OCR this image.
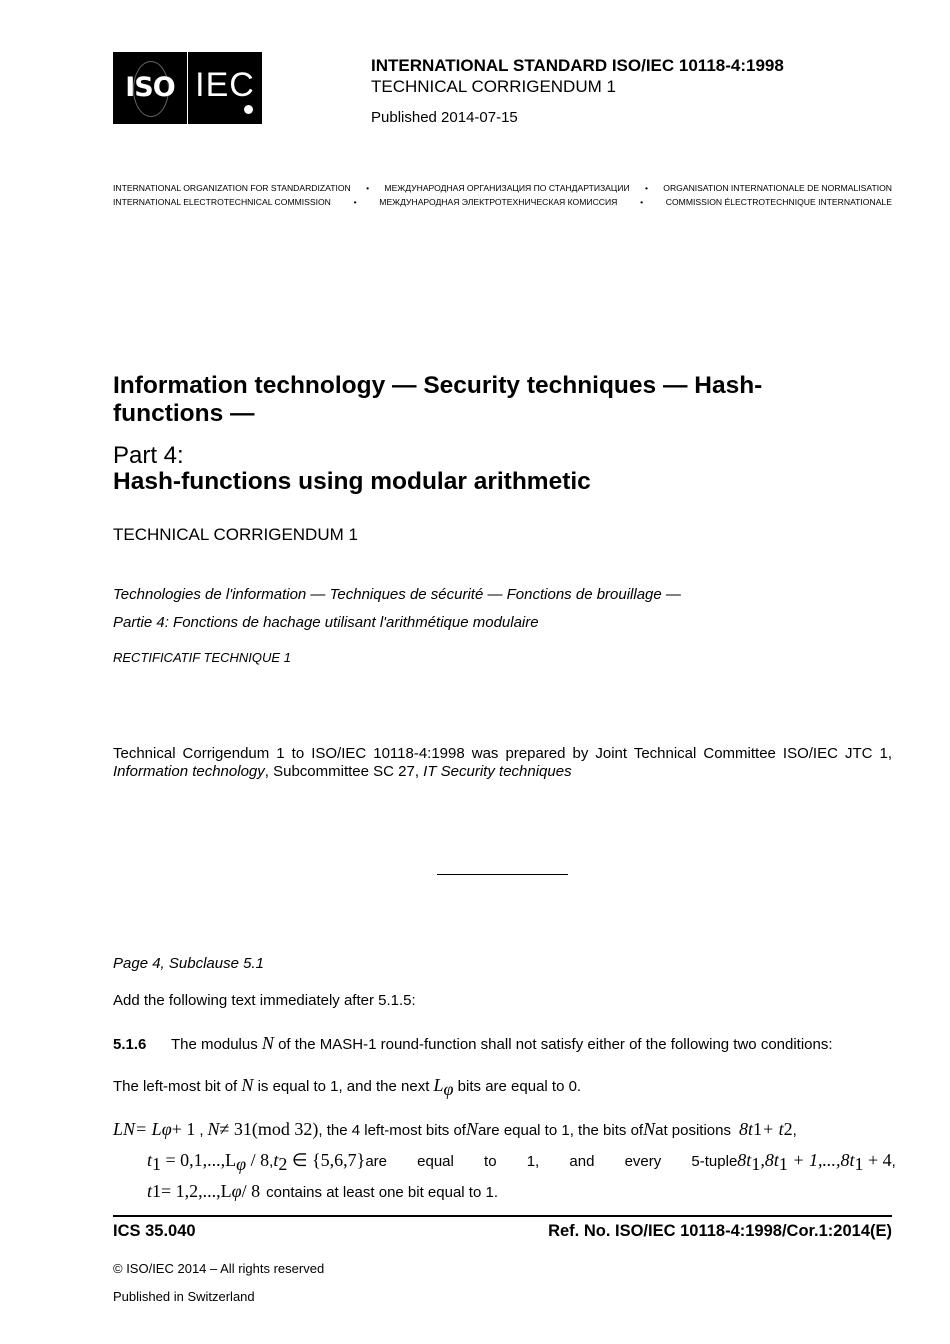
ISO IEC
INTERNATIONAL STANDARD ISO/IEC 10118-4:1998
TECHNICAL CORRIGENDUM 1
Published 2014-07-15
INTERNATIONAL ORGANIZATION FOR STANDARDIZATION • МЕЖДУНАРОДНАЯ ОРГАНИЗАЦИЯ ПО СТАНДАРТИЗАЦИИ • ORGANISATION INTERNATIONALE DE NORMALISATION
INTERNATIONAL ELECTROTECHNICAL COMMISSION	•	МЕЖДУНАРОДНАЯ ЭЛЕКТРОТЕХНИЧЕСКАЯ КОМИССИЯ	•	COMMISSION ÉLECTROTECHNIQUE INTERNATIONALE
Information technology — Security techniques — Hash-functions —
Part 4:
Hash-functions using modular arithmetic
TECHNICAL CORRIGENDUM 1
Technologies de l'information — Techniques de sécurité — Fonctions de brouillage —
Partie 4: Fonctions de hachage utilisant l'arithmétique modulaire
RECTIFICATIF TECHNIQUE 1
Technical Corrigendum 1 to ISO/IEC 10118-4:1998 was prepared by Joint Technical Committee ISO/IEC JTC 1, Information technology, Subcommittee SC 27, IT Security techniques
Page 4, Subclause 5.1
Add the following text immediately after 5.1.5:
5.1.6 The modulus N of the MASH-1 round-function shall not satisfy either of the following two conditions:
The left-most bit of N is equal to 1, and the next $L_\varphi$ bits are equal to 0.
L N = L φ + 1 , N ≠ 31(mod 32) , the 4 left-most bits of N are equal to 1, the bits of N at positions 8t 1 + t 2 ,
$t_1 = 0,1,...,L_\varphi / 8$ , $t_2$ ∈ {5,6,7} are equal to 1, and every 5-tuple $8t_1,8t_1 + 1,...,8t_1 + 4$,
t 1 = 1,2,...,L φ / 8 contains at least one bit equal to 1.
ICS 35.040	Ref. No. ISO/IEC 10118-4:1998/Cor.1:2014(E)
© ISO/IEC 2014 – All rights reserved
Published in Switzerland
